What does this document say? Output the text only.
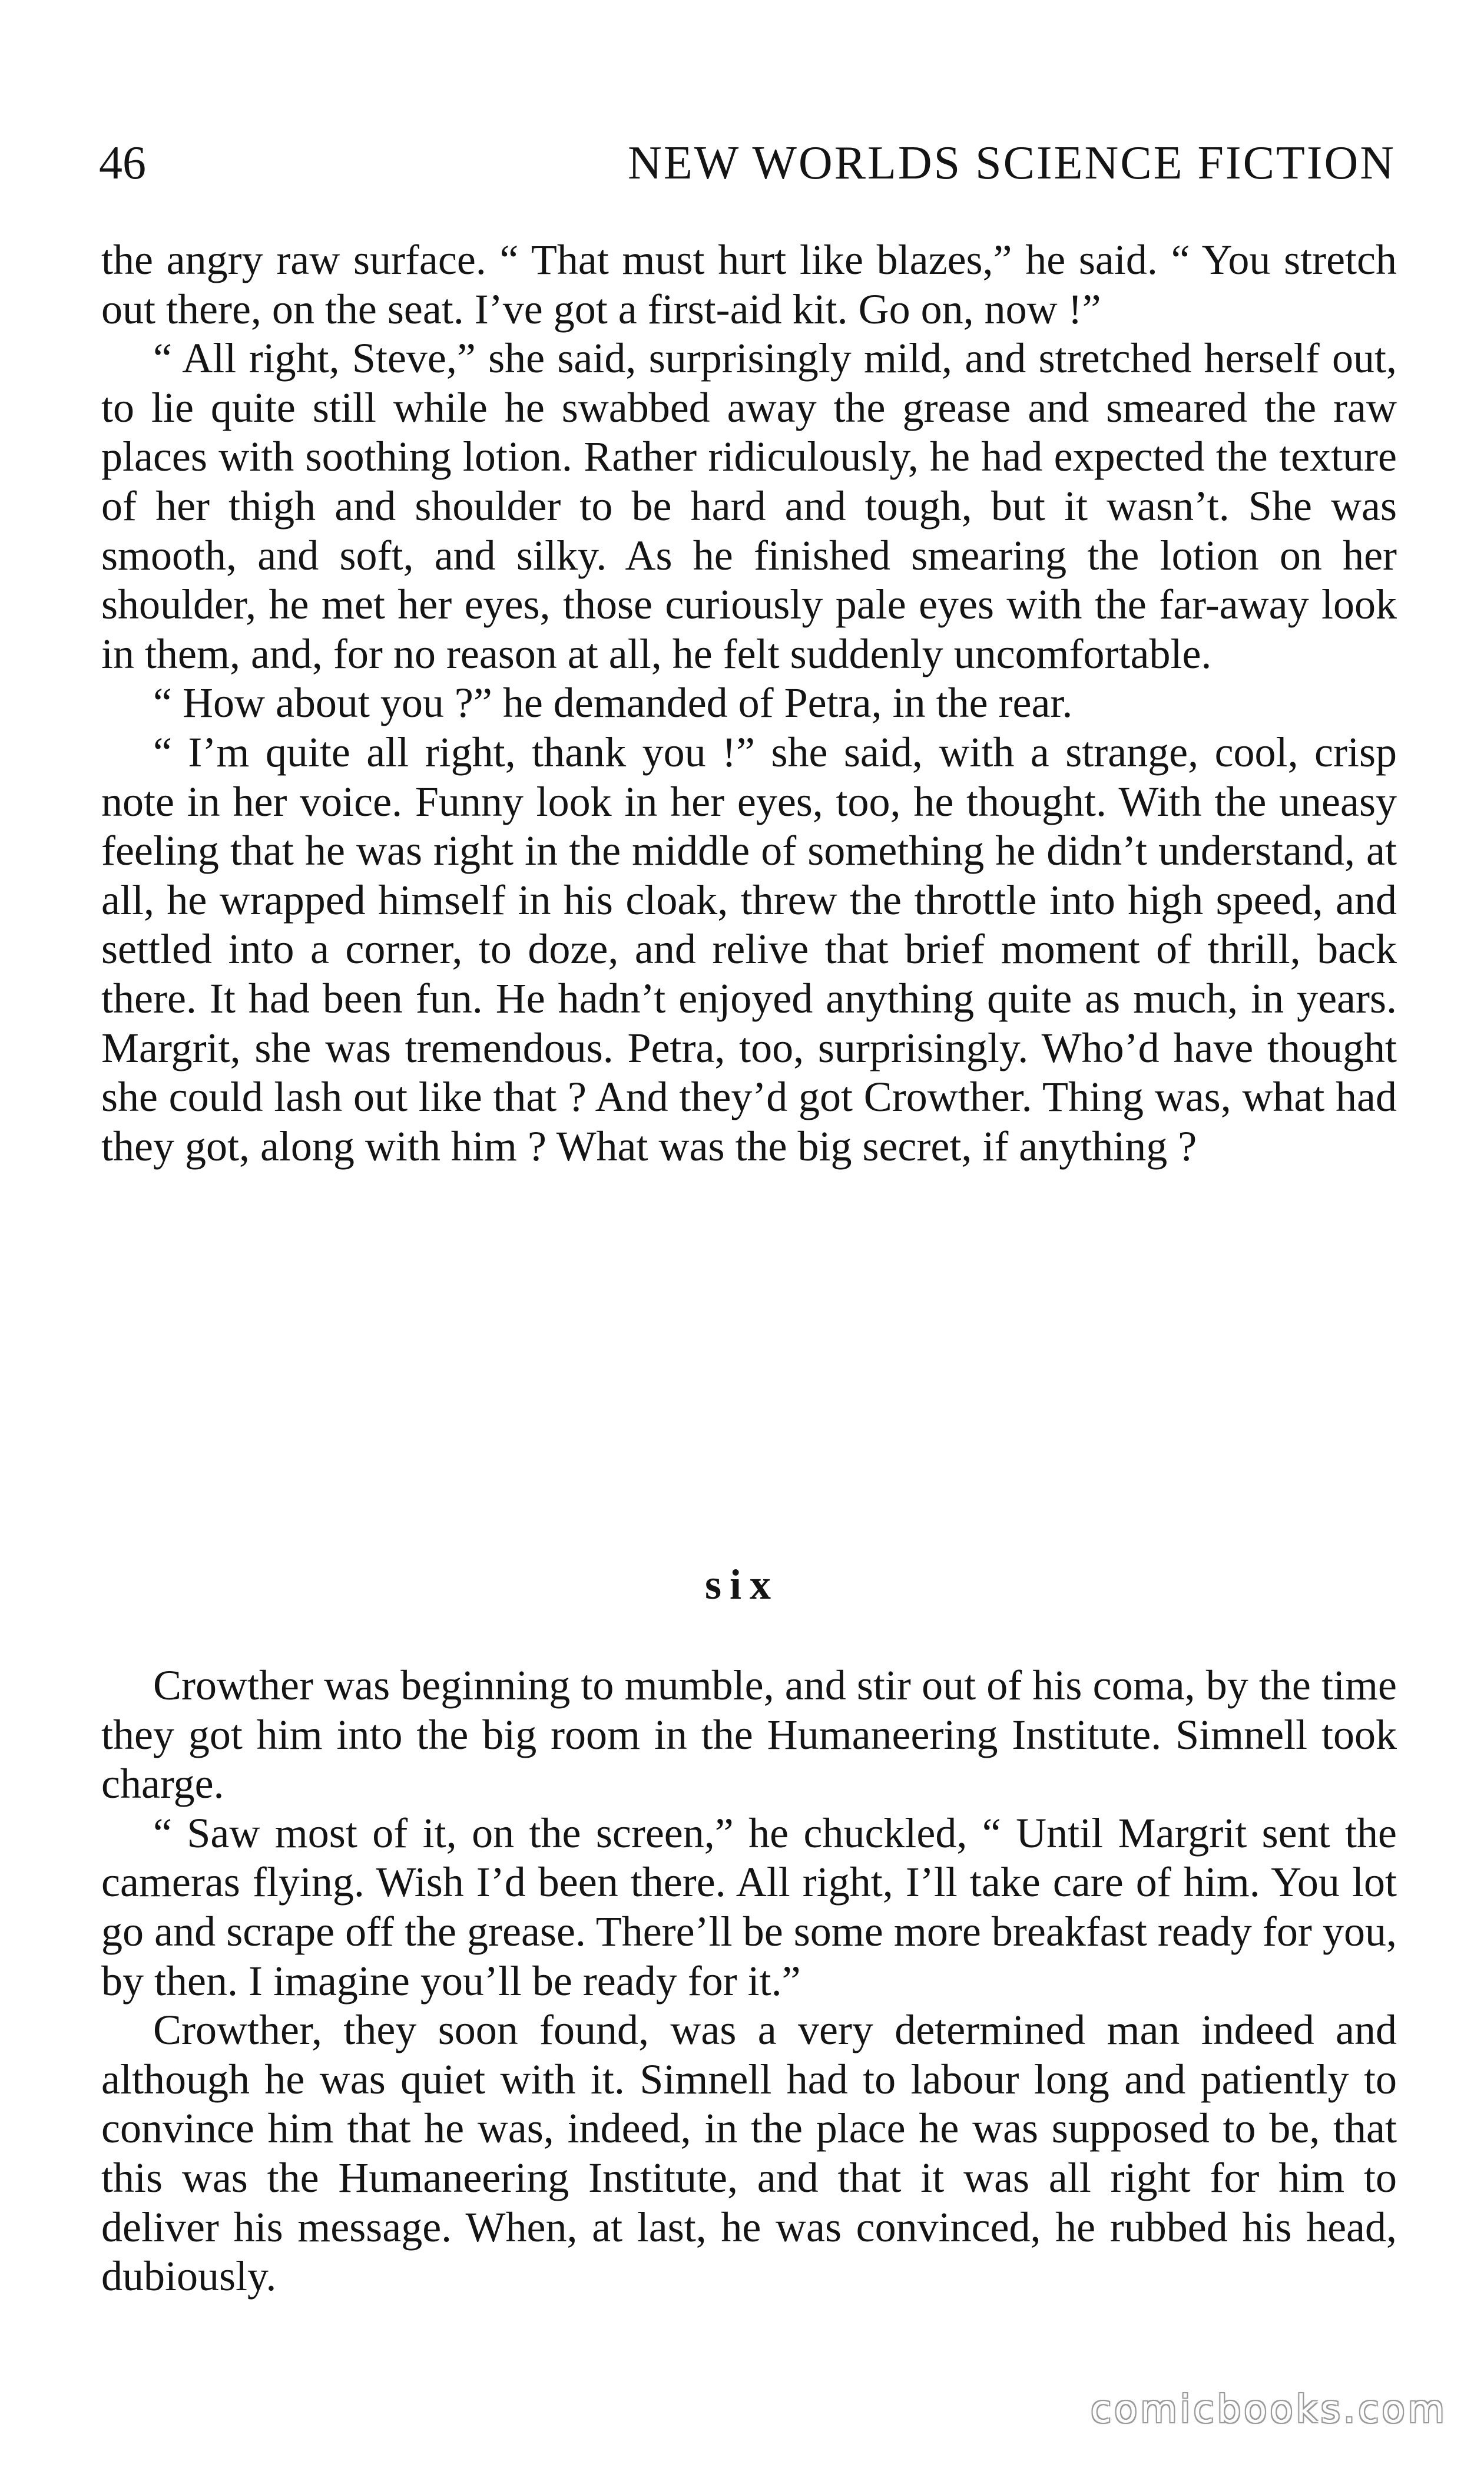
46	NEW WORLDS SCIENCE FICTION

the angry raw surface. “ That must hurt like blazes,” he said. “ You stretch out there, on the seat. I’ve got a first-aid kit. Go on, now !”

“ All right, Steve,” she said, surprisingly mild, and stretched herself out, to lie quite still while he swabbed away the grease and smeared the raw places with soothing lotion. Rather ridiculously, he had expected the texture of her thigh and shoulder to be hard and tough, but it wasn’t. She was smooth, and soft, and silky. As he finished smearing the lotion on her shoulder, he met her eyes, those curiously pale eyes with the far-away look in them, and, for no reason at all, he felt suddenly uncomfortable.

“ How about you ?” he demanded of Petra, in the rear.

“ I’m quite all right, thank you !” she said, with a strange, cool, crisp note in her voice. Funny look in her eyes, too, he thought. With the uneasy feeling that he was right in the middle of something he didn’t understand, at all, he wrapped himself in his cloak, threw the throttle into high speed, and settled into a corner, to doze, and relive that brief moment of thrill, back there. It had been fun. He hadn’t enjoyed anything quite as much, in years. Margrit, she was tremendous. Petra, too, surprisingly. Who’d have thought she could lash out like that ? And they’d got Crowther. Thing was, what had they got, along with him ? What was the big secret, if anything ?

six

Crowther was beginning to mumble, and stir out of his coma, by the time they got him into the big room in the Humaneering Institute. Simnell took charge.

“ Saw most of it, on the screen,” he chuckled, “ Until Margrit sent the cameras flying. Wish I’d been there. All right, I’ll take care of him. You lot go and scrape off the grease. There’ll be some more breakfast ready for you, by then. I imagine you’ll be ready for it.”

Crowther, they soon found, was a very determined man indeed and although he was quiet with it. Simnell had to labour long and patiently to convince him that he was, indeed, in the place he was supposed to be, that this was the Humaneering Institute, and that it was all right for him to deliver his message. When, at last, he was convinced, he rubbed his head, dubiously.

comicbooks.com
